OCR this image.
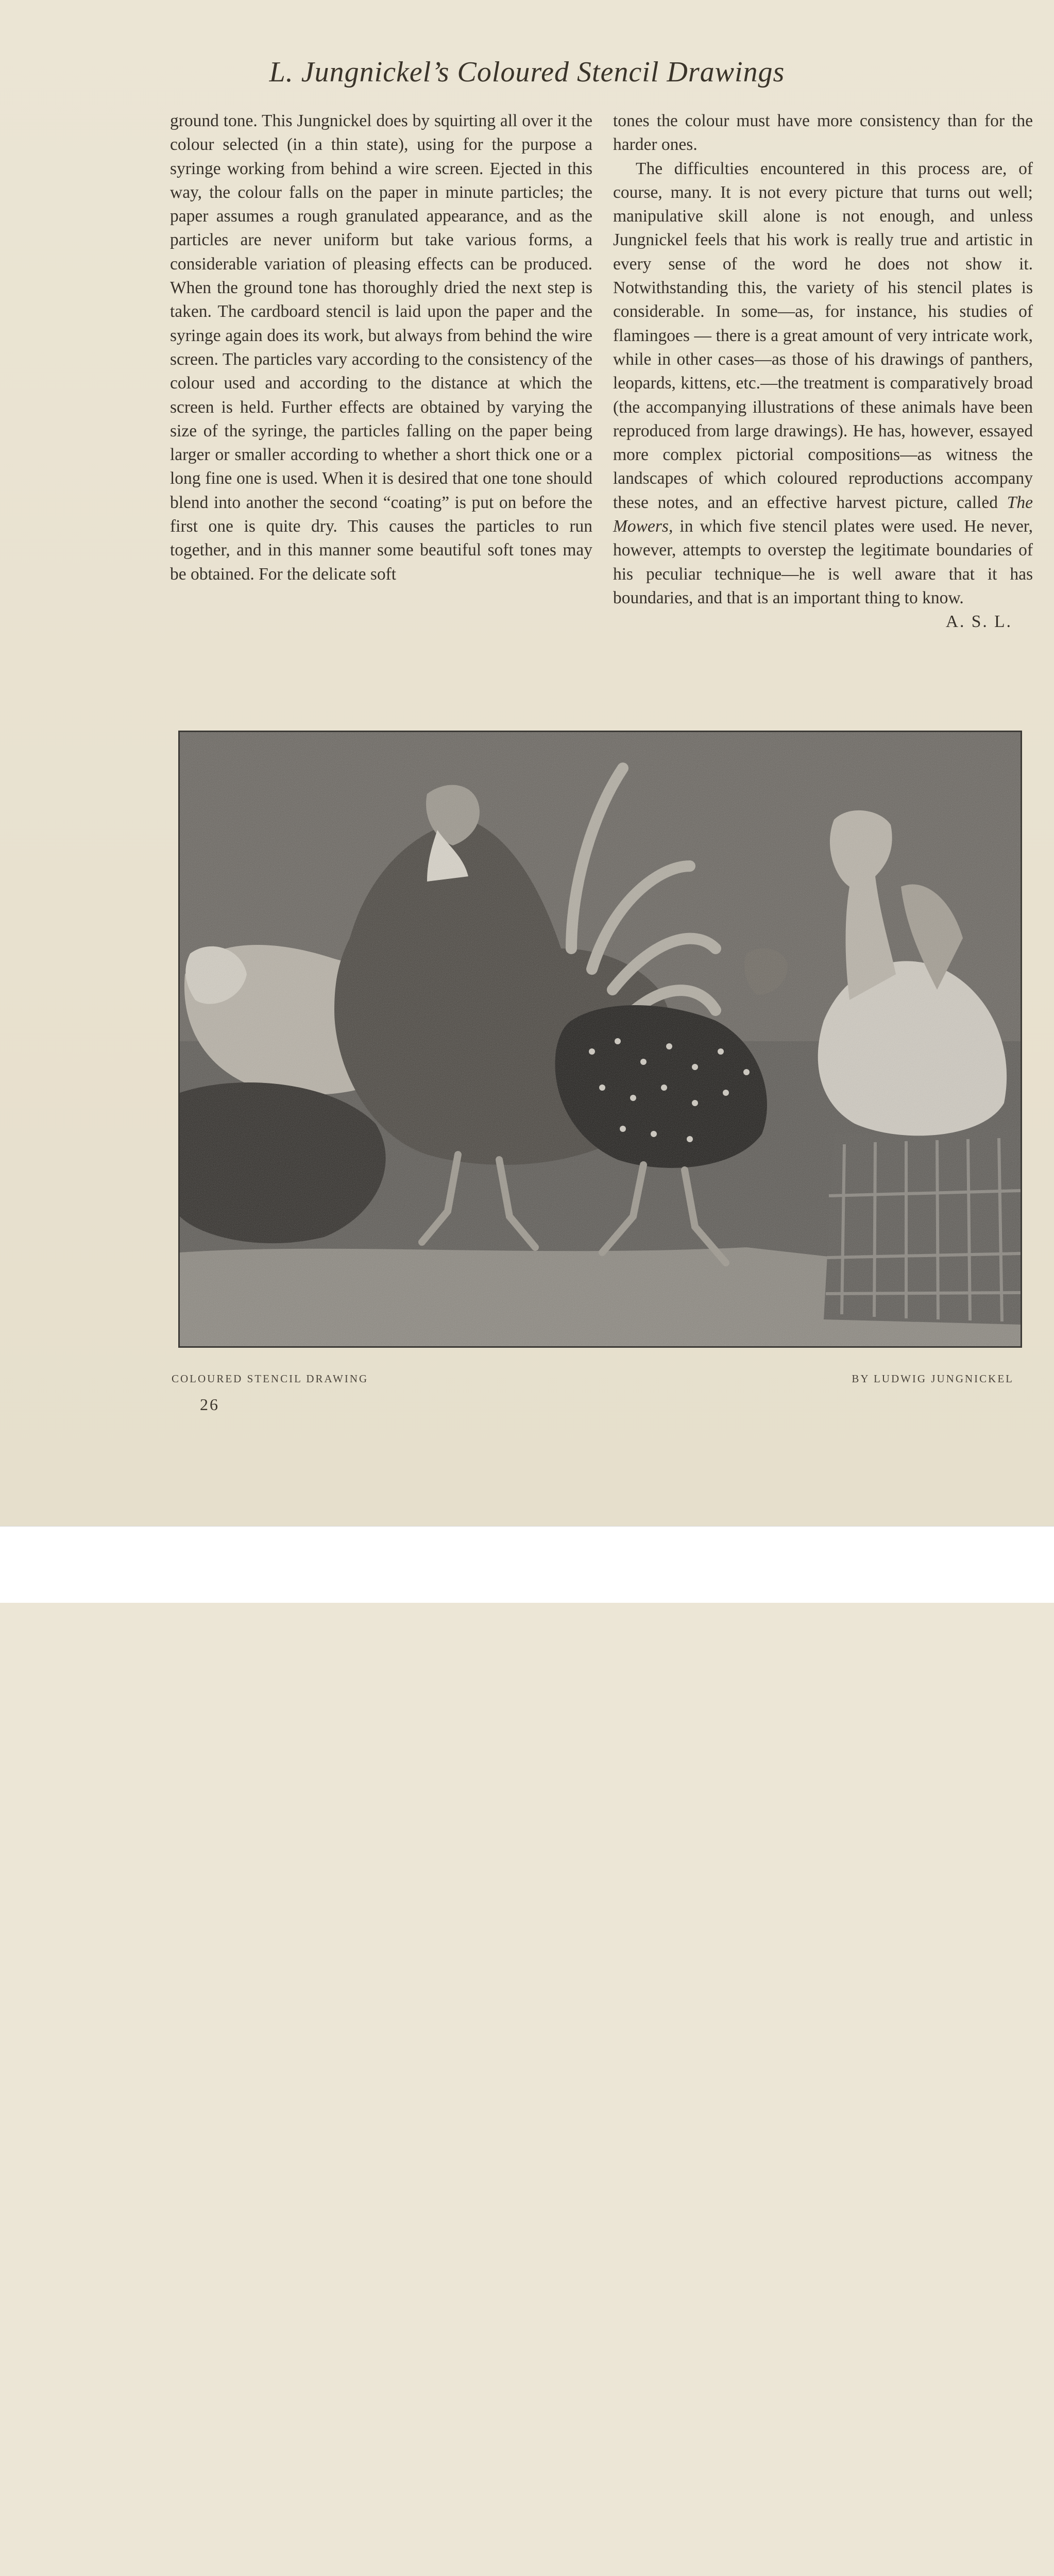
L. Jungnickel’s Coloured Stencil Drawings

ground tone. This Jungnickel does by squirting all over it the colour selected (in a thin state), using for the purpose a syringe working from behind a wire screen. Ejected in this way, the colour falls on the paper in minute particles; the paper assumes a rough granulated appearance, and as the particles are never uniform but take various forms, a considerable variation of pleasing effects can be produced. When the ground tone has thoroughly dried the next step is taken. The cardboard stencil is laid upon the paper and the syringe again does its work, but always from behind the wire screen. The particles vary according to the consistency of the colour used and according to the distance at which the screen is held. Further effects are obtained by varying the size of the syringe, the particles falling on the paper being larger or smaller according to whether a short thick one or a long fine one is used. When it is desired that one tone should blend into another the second “coating” is put on before the first one is quite dry. This causes the particles to run together, and in this manner some beautiful soft tones may be obtained. For the delicate soft

tones the colour must have more consistency than for the harder ones.

The difficulties encountered in this process are, of course, many. It is not every picture that turns out well; manipulative skill alone is not enough, and unless Jungnickel feels that his work is really true and artistic in every sense of the word he does not show it. Notwithstanding this, the variety of his stencil plates is considerable. In some—as, for instance, his studies of flamingoes — there is a great amount of very intricate work, while in other cases—as those of his drawings of panthers, leopards, kittens, etc.—the treatment is comparatively broad (the accompanying illustrations of these animals have been reproduced from large drawings). He has, however, essayed more complex pictorial compositions—as witness the landscapes of which coloured reproductions accompany these notes, and an effective harvest picture, called The Mowers, in which five stencil plates were used. He never, however, attempts to overstep the legitimate boundaries of his peculiar technique—he is well aware that it has boundaries, and that is an important thing to know.
A. S. L.

COLOURED STENCIL DRAWING	BY LUDWIG JUNGNICKEL
26
